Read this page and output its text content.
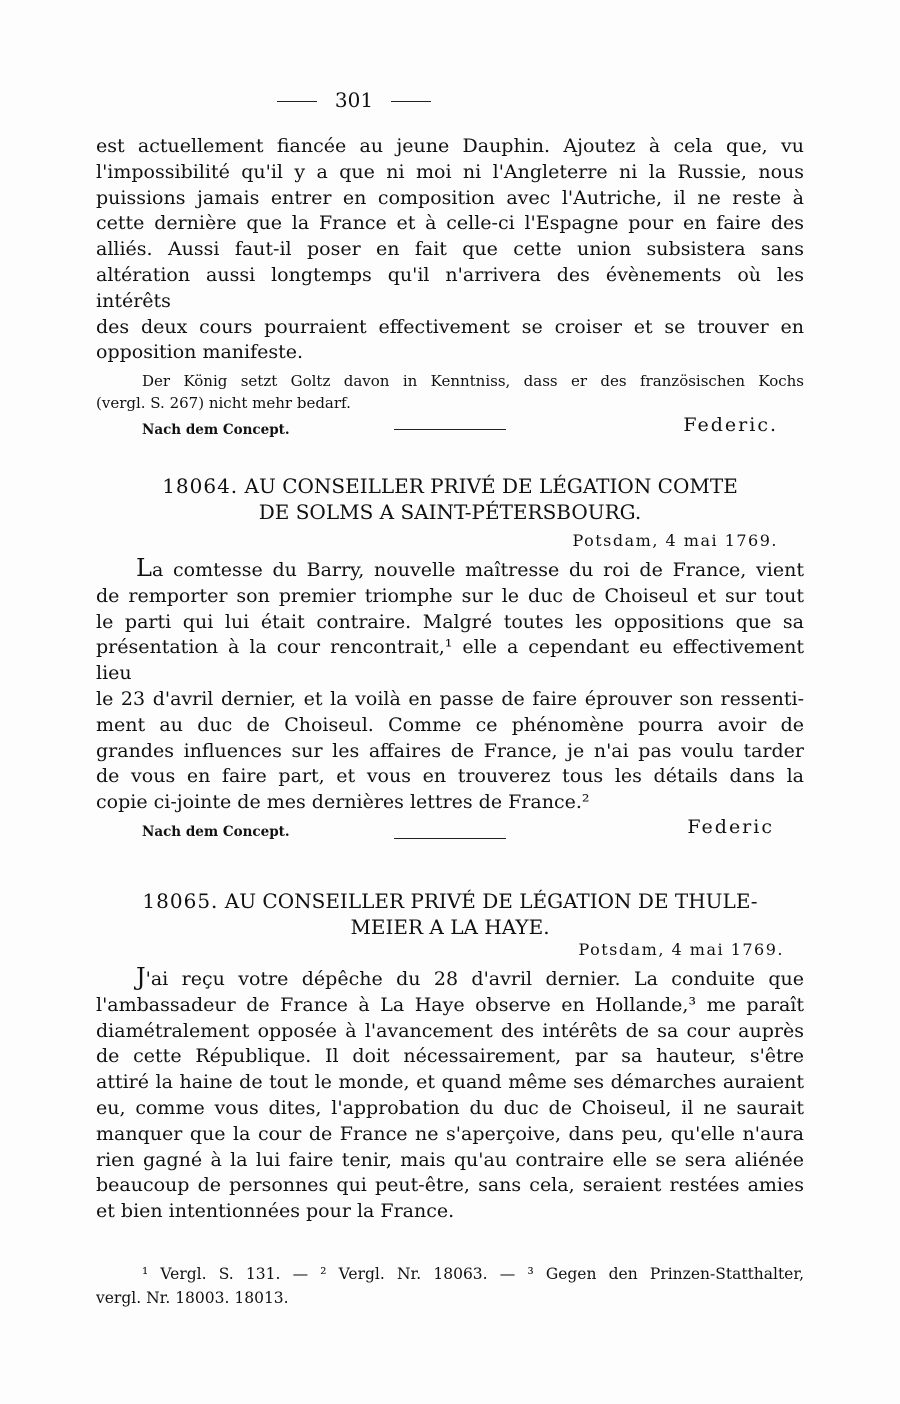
301

est actuellement fiancée au jeune Dauphin. Ajoutez à cela que, vu
l'impossibilité qu'il y a que ni moi ni l'Angleterre ni la Russie, nous
puissions jamais entrer en composition avec l'Autriche, il ne reste à
cette dernière que la France et à celle-ci l'Espagne pour en faire des
alliés. Aussi faut-il poser en fait que cette union subsistera sans
altération aussi longtemps qu'il n'arrivera des évènements où les intérêts
des deux cours pourraient effectivement se croiser et se trouver en
opposition manifeste.

Der König setzt Goltz davon in Kenntniss, dass er des französischen Kochs
(vergl. S. 267) nicht mehr bedarf.

Nach dem Concept.	Federic.

18064. AU CONSEILLER PRIVÉ DE LÉGATION COMTE

DE SOLMS A SAINT-PÉTERSBOURG.

Potsdam, 4 mai 1769.

La comtesse du Barry, nouvelle maîtresse du roi de France, vient
de remporter son premier triomphe sur le duc de Choiseul et sur tout
le parti qui lui était contraire. Malgré toutes les oppositions que sa
présentation à la cour rencontrait,¹ elle a cependant eu effectivement lieu
le 23 d'avril dernier, et la voilà en passe de faire éprouver son ressenti-
ment au duc de Choiseul. Comme ce phénomène pourra avoir de
grandes influences sur les affaires de France, je n'ai pas voulu tarder
de vous en faire part, et vous en trouverez tous les détails dans la
copie ci-jointe de mes dernières lettres de France.²

Nach dem Concept.	Federic

18065. AU CONSEILLER PRIVÉ DE LÉGATION DE THULE-

MEIER A LA HAYE.

Potsdam, 4 mai 1769.

J'ai reçu votre dépêche du 28 d'avril dernier. La conduite que
l'ambassadeur de France à La Haye observe en Hollande,³ me paraît
diamétralement opposée à l'avancement des intérêts de sa cour auprès
de cette République. Il doit nécessairement, par sa hauteur, s'être
attiré la haine de tout le monde, et quand même ses démarches auraient
eu, comme vous dites, l'approbation du duc de Choiseul, il ne saurait
manquer que la cour de France ne s'aperçoive, dans peu, qu'elle n'aura
rien gagné à la lui faire tenir, mais qu'au contraire elle se sera aliénée
beaucoup de personnes qui peut-être, sans cela, seraient restées amies
et bien intentionnées pour la France.

¹ Vergl. S. 131. — ² Vergl. Nr. 18063. — ³ Gegen den Prinzen-Statthalter,
vergl. Nr. 18003. 18013.
